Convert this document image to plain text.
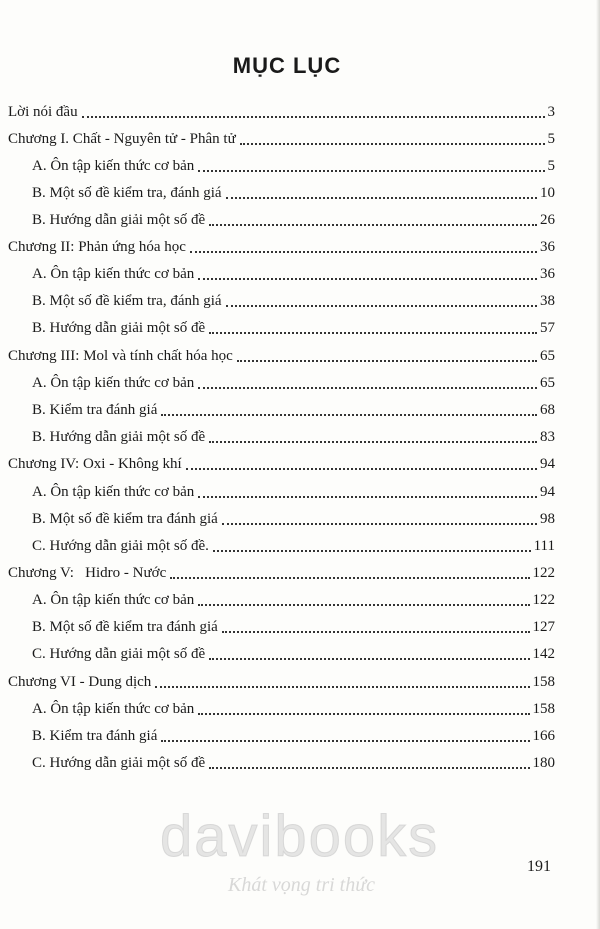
MỤC LỤC
Lời nói đầu	3
Chương I. Chất - Nguyên tử - Phân tử	5
A. Ôn tập kiến thức cơ bản	5
B. Một số đề kiểm tra, đánh giá	10
B. Hướng dẫn giải một số đề	26
Chương II: Phản ứng hóa học	36
A. Ôn tập kiến thức cơ bản	36
B. Một số đề kiểm tra, đánh giá	38
B. Hướng dẫn giải một số đề	57
Chương III: Mol và tính chất hóa học	65
A. Ôn tập kiến thức cơ bản	65
B. Kiểm tra đánh giá	68
B. Hướng dẫn giải một số đề	83
Chương IV: Oxi - Không khí	94
A. Ôn tập kiến thức cơ bản	94
B. Một số đề kiểm tra đánh giá	98
C. Hướng dẫn giải một số đề.	111
Chương V:   Hidro - Nước	122
A. Ôn tập kiến thức cơ bản	122
B. Một số đề kiểm tra đánh giá	127
C. Hướng dẫn giải một số đề	142
Chương VI - Dung dịch	158
A. Ôn tập kiến thức cơ bản	158
B. Kiểm tra đánh giá	166
C. Hướng dẫn giải một số đề	180
davibooks
Khát vọng tri thức
191
